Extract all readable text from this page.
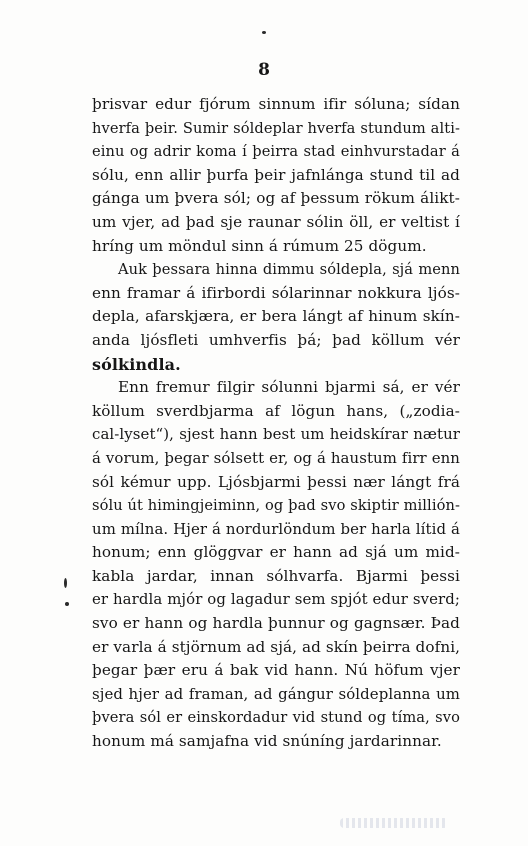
8
þrisvar edur fjórum sinnum ifir sóluna; sídan
hverfa þeir. Sumir sóldeplar hverfa stundum alti-
einu og adrir koma í þeirra stad einhvurstadar á
sólu, enn allir þurfa þeir jafnlánga stund til ad
gánga um þvera sól; og af þessum rökum álikt-
um vjer, ad þad sje raunar sólin öll, er veltist í
hríng um möndul sinn á rúmum 25 dögum.
Auk þessara hinna dimmu sóldepla, sjá menn
enn framar á ifirbordi sólarinnar nokkura ljós-
depla, afarskjæra, er bera lángt af hinum skín-
anda ljósfleti umhverfis þá; þad köllum vér
sólkindla.
Enn fremur filgir sólunni bjarmi sá, er vér
köllum sverdbjarma af lögun hans, („zodia-
cal-lyset“), sjest hann best um heidskírar nætur
á vorum, þegar sólsett er, og á haustum firr enn
sól kémur upp. Ljósbjarmi þessi nær lángt frá
sólu út himingjeiminn, og þad svo skiptir millión-
um mílna. Hjer á nordurlöndum ber harla lítid á
honum; enn glöggvar er hann ad sjá um mid-
kabla jardar, innan sólhvarfa. Bjarmi þessi
er hardla mjór og lagadur sem spjót edur sverd;
svo er hann og hardla þunnur og gagnsær. Þad
er varla á stjörnum ad sjá, ad skín þeirra dofni,
þegar þær eru á bak vid hann. Nú höfum vjer
sjed hjer ad framan, ad gángur sóldeplanna um
þvera sól er einskordadur vid stund og tíma, svo
honum má samjafna vid snúníng jardarinnar.
